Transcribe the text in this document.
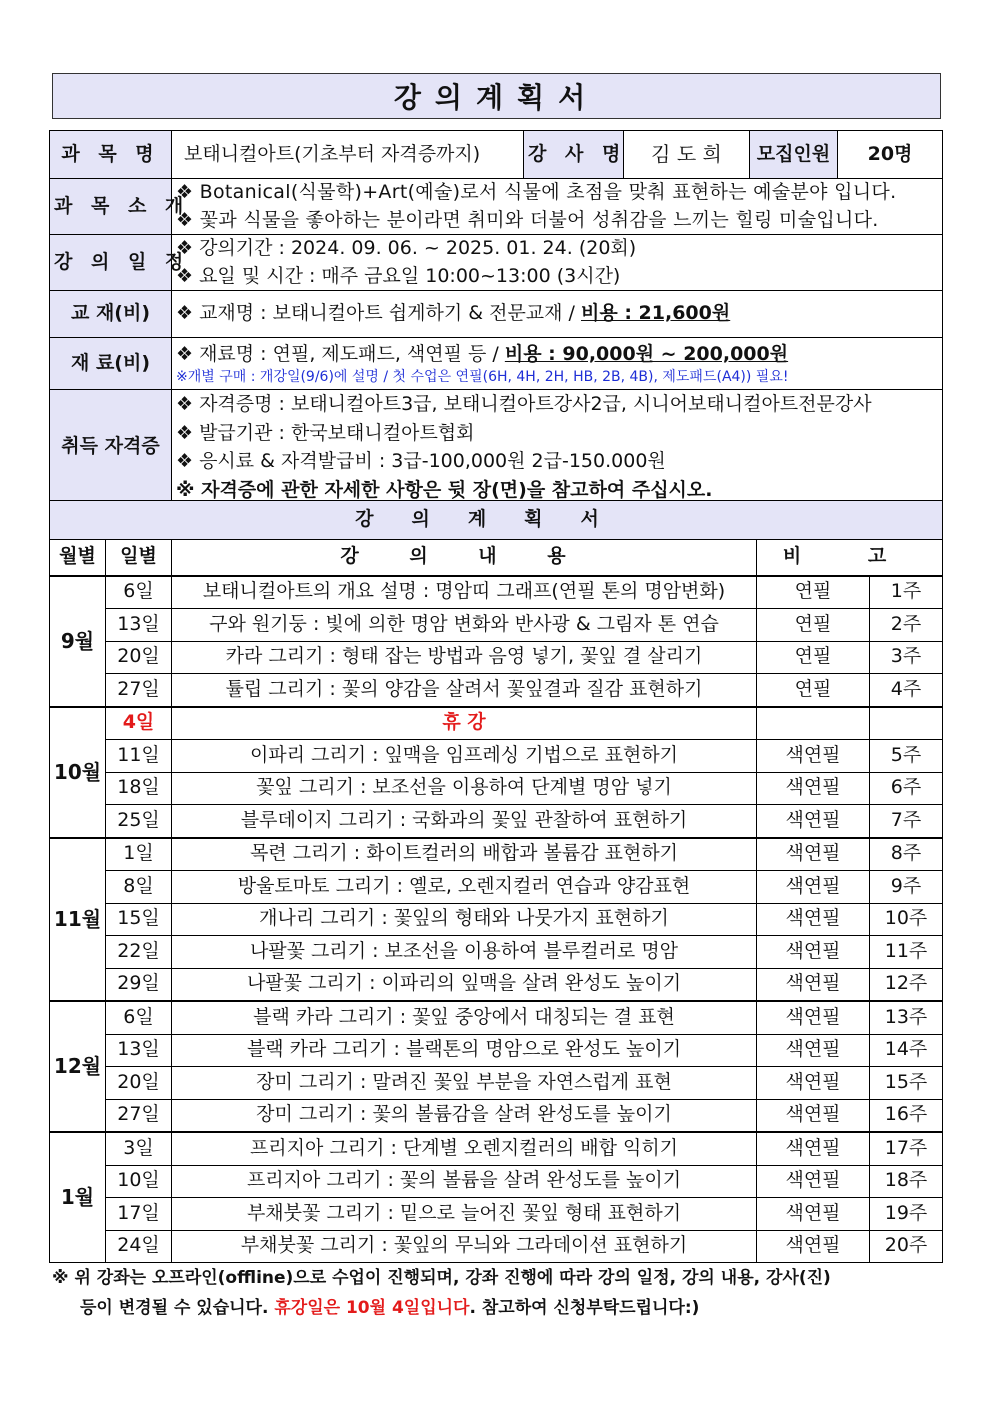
강의계획서
과 목 명	보태니컬아트(기초부터 자격증까지)	강 사 명	김 도 희	모집인원	20명
과 목 소 개	❖ Botanical(식물학)+Art(예술)로서 식물에 초점을 맞춰 표현하는 예술분야 입니다.
❖ 꽃과 식물을 좋아하는 분이라면 취미와 더불어 성취감을 느끼는 힐링 미술입니다.				

강 의 일 정	❖ 강의기간 : 2024. 09. 06. ~ 2025. 01. 24. (20회)
❖ 요일 및 시간 : 매주 금요일 10:00~13:00 (3시간)				

교 재(비)	❖ 교재명 : 보태니컬아트 쉽게하기 & 전문교재 / 비용 : 21,600원				
재 료(비)	❖ 재료명 : 연필, 제도패드, 색연필 등 / 비용 : 90,000원 ~ 200,000원
※개별 구매 : 개강일(9/6)에 설명 / 첫 수업은 연필(6H, 4H, 2H, HB, 2B, 4B), 제도패드(A4)) 필요!				

취득 자격증	❖ 자격증명 : 보태니컬아트3급, 보태니컬아트강사2급, 시니어보태니컬아트전문강사
❖ 발급기관 : 한국보태니컬아트협회
❖ 응시료 & 자격발급비 : 3급-100,000원 2급-150.000원
※ 자격증에 관한 자세한 사항은 뒷 장(면)을 참고하여 주십시오.				
강의계획서				
월별	일별	강 의 내 용	비 고	
9월	6일	보태니컬아트의 개요 설명 : 명암띠 그래프(연필 톤의 명암변화)	연필	1주
	13일	구와 원기둥 : 빛에 의한 명암 변화와 반사광 & 그림자 톤 연습	연필	2주
	20일	카라 그리기 : 형태 잡는 방법과 음영 넣기, 꽃잎 결 살리기	연필	3주
	27일	튤립 그리기 : 꽃의 양감을 살려서 꽃잎결과 질감 표현하기	연필	4주
10월	4일	휴 강		
	11일	이파리 그리기 : 잎맥을 임프레싱 기법으로 표현하기	색연필	5주
	18일	꽃잎 그리기 : 보조선을 이용하여 단계별 명암 넣기	색연필	6주
	25일	블루데이지 그리기 : 국화과의 꽃잎 관찰하여 표현하기	색연필	7주
11월	1일	목련 그리기 : 화이트컬러의 배합과 볼륨감 표현하기	색연필	8주
	8일	방울토마토 그리기 : 옐로, 오렌지컬러 연습과 양감표현	색연필	9주
	15일	개나리 그리기 : 꽃잎의 형태와 나뭇가지 표현하기	색연필	10주
	22일	나팔꽃 그리기 : 보조선을 이용하여 블루컬러로 명암	색연필	11주
	29일	나팔꽃 그리기 : 이파리의 잎맥을 살려 완성도 높이기	색연필	12주
12월	6일	블랙 카라 그리기 : 꽃잎 중앙에서 대칭되는 결 표현	색연필	13주
	13일	블랙 카라 그리기 : 블랙톤의 명암으로 완성도 높이기	색연필	14주
	20일	장미 그리기 : 말려진 꽃잎 부분을 자연스럽게 표현	색연필	15주
	27일	장미 그리기 : 꽃의 볼륨감을 살려 완성도를 높이기	색연필	16주
1월	3일	프리지아 그리기 : 단계별 오렌지컬러의 배합 익히기	색연필	17주
	10일	프리지아 그리기 : 꽃의 볼륨을 살려 완성도를 높이기	색연필	18주
	17일	부채붓꽃 그리기 : 밑으로 늘어진 꽃잎 형태 표현하기	색연필	19주
	24일	부채붓꽃 그리기 : 꽃잎의 무늬와 그라데이션 표현하기	색연필	20주
※ 위 강좌는 오프라인(offline)으로 수업이 진행되며, 강좌 진행에 따라 강의 일정, 강의 내용, 강사(진)
등이 변경될 수 있습니다. 휴강일은 10월 4일입니다. 참고하여 신청부탁드립니다:)
